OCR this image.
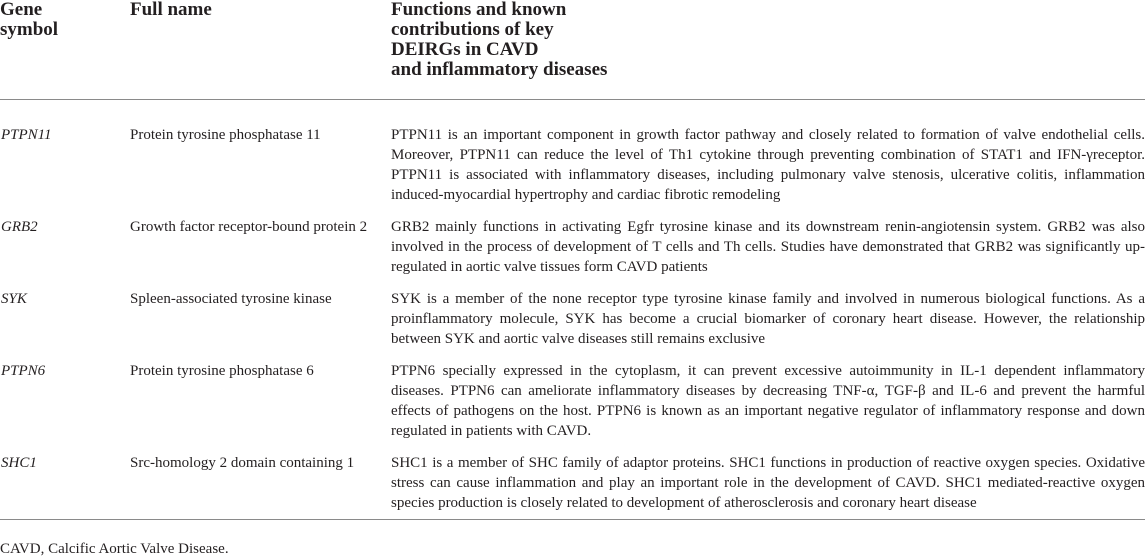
Gene
symbol	Full name	Functions and known
contributions of key
DEIRGs in CAVD
and inflammatory diseases

PTPN11	Protein tyrosine phosphatase 11	PTPN11 is an important component in growth factor pathway and closely related to formation of valve endothelial cells. Moreover, PTPN11 can reduce the level of Th1 cytokine through preventing combination of STAT1 and IFN-γreceptor. PTPN11 is associated with inflammatory diseases, including pulmonary valve stenosis, ulcerative colitis, inflammation induced-myocardial hypertrophy and cardiac fibrotic remodeling
GRB2	Growth factor receptor-bound protein 2	GRB2 mainly functions in activating Egfr tyrosine kinase and its downstream renin-angiotensin system. GRB2 was also involved in the process of development of T cells and Th cells. Studies have demonstrated that GRB2 was significantly up-regulated in aortic valve tissues form CAVD patients
SYK	Spleen-associated tyrosine kinase	SYK is a member of the none receptor type tyrosine kinase family and involved in numerous biological functions. As a proinflammatory molecule, SYK has become a crucial biomarker of coronary heart disease. However, the relationship between SYK and aortic valve diseases still remains exclusive
PTPN6	Protein tyrosine phosphatase 6	PTPN6 specially expressed in the cytoplasm, it can prevent excessive autoimmunity in IL-1 dependent inflammatory diseases. PTPN6 can ameliorate inflammatory diseases by decreasing TNF-α, TGF-β and IL-6 and prevent the harmful effects of pathogens on the host. PTPN6 is known as an important negative regulator of inflammatory response and down regulated in patients with CAVD.
SHC1	Src-homology 2 domain containing 1	SHC1 is a member of SHC family of adaptor proteins. SHC1 functions in production of reactive oxygen species. Oxidative stress can cause inflammation and play an important role in the development of CAVD. SHC1 mediated-reactive oxygen species production is closely related to development of atherosclerosis and coronary heart disease
CAVD, Calcific Aortic Valve Disease.
